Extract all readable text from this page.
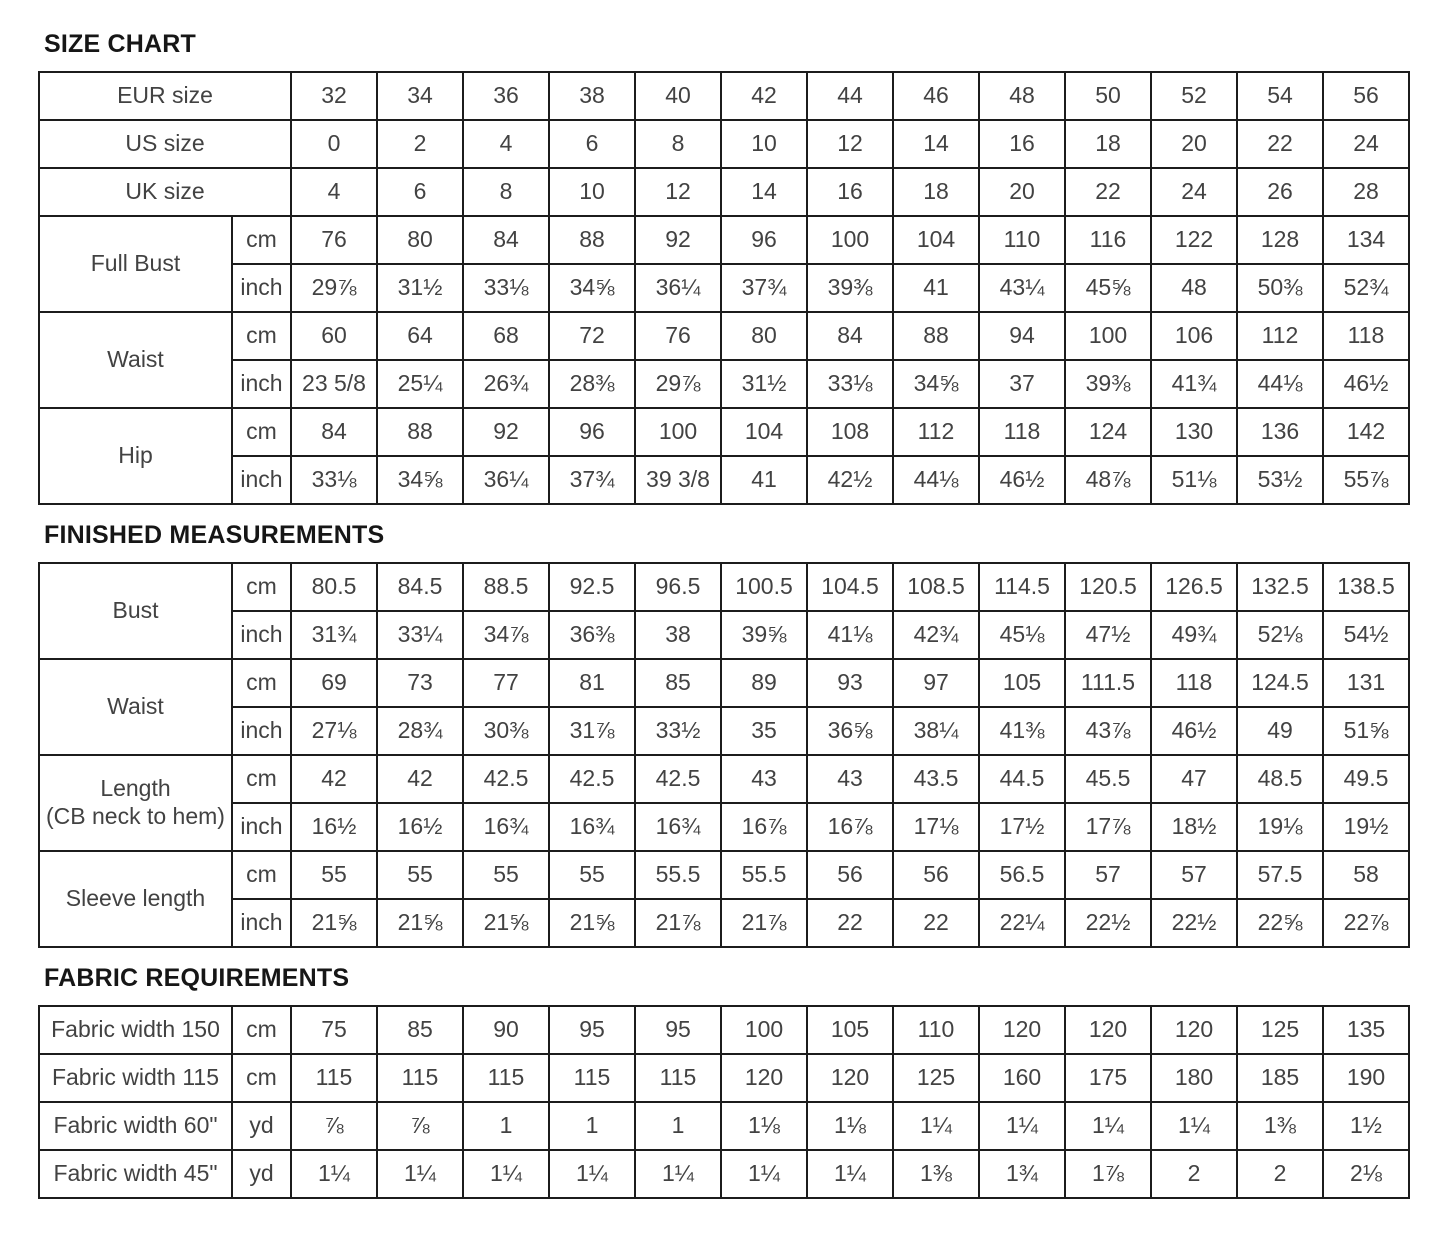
SIZE CHART
EUR size		32	34	36	38	40	42	44	46	48	50	52	54	56

US size		0	2	4	6	8	10	12	14	16	18	20	22	24

UK size		4	6	8	10	12	14	16	18	20	22	24	26	28

Full Bust	cm	76	80	84	88	92	96	100	104	110	116	122	128	134
	inch	29⅞	31½	33⅛	34⅝	36¼	37¾	39⅜	41	43¼	45⅝	48	50⅜	52¾

Waist	cm	60	64	68	72	76	80	84	88	94	100	106	112	118
	inch	23 5/8	25¼	26¾	28⅜	29⅞	31½	33⅛	34⅝	37	39⅜	41¾	44⅛	46½

Hip	cm	84	88	92	96	100	104	108	112	118	124	130	136	142
	inch	33⅛	34⅝	36¼	37¾	39 3/8	41	42½	44⅛	46½	48⅞	51⅛	53½	55⅞
FINISHED MEASUREMENTS
Bust	cm	80.5	84.5	88.5	92.5	96.5	100.5	104.5	108.5	114.5	120.5	126.5	132.5	138.5
	inch	31¾	33¼	34⅞	36⅜	38	39⅝	41⅛	42¾	45⅛	47½	49¾	52⅛	54½

Waist	cm	69	73	77	81	85	89	93	97	105	111.5	118	124.5	131
	inch	27⅛	28¾	30⅜	31⅞	33½	35	36⅝	38¼	41⅜	43⅞	46½	49	51⅝

Length
(CB neck to hem)	cm	42	42	42.5	42.5	42.5	43	43	43.5	44.5	45.5	47	48.5	49.5
	inch	16½	16½	16¾	16¾	16¾	16⅞	16⅞	17⅛	17½	17⅞	18½	19⅛	19½

Sleeve length	cm	55	55	55	55	55.5	55.5	56	56	56.5	57	57	57.5	58
	inch	21⅝	21⅝	21⅝	21⅝	21⅞	21⅞	22	22	22¼	22½	22½	22⅝	22⅞
FABRIC REQUIREMENTS
Fabric width 150	cm	75	85	90	95	95	100	105	110	120	120	120	125	135

Fabric width 115	cm	115	115	115	115	115	120	120	125	160	175	180	185	190

Fabric width 60"	yd	⅞	⅞	1	1	1	1⅛	1⅛	1¼	1¼	1¼	1¼	1⅜	1½

Fabric width 45"	yd	1¼	1¼	1¼	1¼	1¼	1¼	1¼	1⅜	1¾	1⅞	2	2	2⅛
